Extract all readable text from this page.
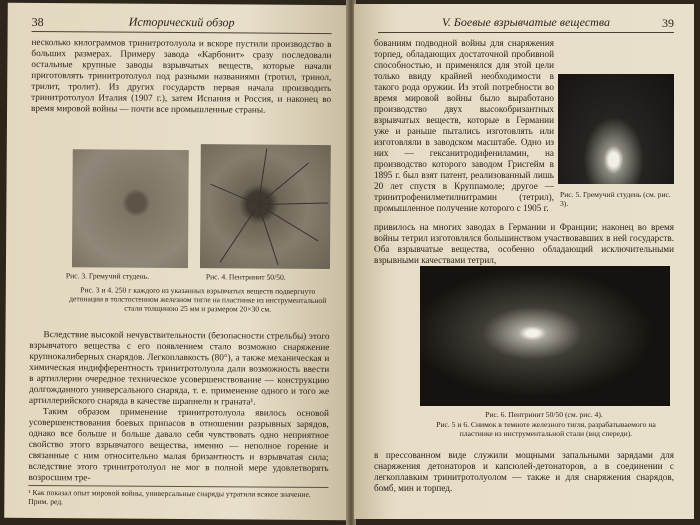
38	Исторический обзор

несколько килограммов тринитротолуола и вскоре пустили производство в больших размерах. Примеру завода «Карбонит» сразу последовали остальные крупные заводы взрывчатых веществ, которые начали приготовлять тринитротолуол под разными названиями (тротил, тринол, трилит, тролит). Из других государств первая начала производить тринитротолуол Италия (1907 г.), затем Испания и Россия, и наконец во время мировой войны — почти все промышленные страны.

Рис. 3. Гремучий студень.	Рис. 4. Пентринит 50/50.
Рис. 3 и 4. 250 г каждого из указанных взрывчатых веществ подвергнуто детонации в толстостенном железном тигле на пластинке из инструментальной стали толщиною 25 мм и размером 20×30 см.

Вследствие высокой нечувствительности (безопасности стрельбы) этого взрывчатого вещества с его появлением стало возможно снаряжение крупнокалиберных снарядов. Легкоплавкость (80°), а также механическая и химическая индифферентность тринитротолуола дали возможность ввести в артиллерии очередное техническое усовершенствование — конструкцию долгожданного универсального снаряда, т. е. применение одного и того же артиллерийского снаряда в качестве шрапнели и граната¹.

Таким образом применение тринитротолуола явилось основой усовершенствования боевых припасов в отношении разрывных зарядов, однако все больше и больше давало себя чувствовать одно неприятное свойство этого взрывчатого вещества, именно — неполное горение и связанные с ним относительно малая бризантность и взрывчатая сила; вследствие этого тринитротолуол не мог в полной мере удовлетворять возросшим тре-

¹ Как показал опыт мировой войны, универсальные снаряды утратили всякое значение. Прим. ред.
V. Боевые взрывчатые вещества	39

бованиям подводной войны для снаряжения торпед, обладающих достаточной пробивной способностью, и применялся для этой цели только ввиду крайней необходимости в такого рода оружии. Из этой потребности во время мировой войны было выработано производство двух высокобризантных взрывчатых веществ, которые в Германии уже и раньше пытались изготовлять или изготовляли в заводском масштабе. Одно из них — гексанитродифениламин, на производство которого заводом Грисгейм в 1895 г. был взят патент, реализованный лишь 20 лет спустя в Круппамоле; другое — тринитрофенилметилнитрамин (тетрил), промышленное получение которого с 1905 г.

Рис. 5. Гремучий студень (см. рис. 3).

привилось на многих заводах в Германии и Франции; наконец во время войны тетрил изготовлялся большинством участвовавших в ней государств. Оба взрывчатые вещества, особенно обладающий исключительными взрывными качествами тетрил,

Рис. 6. Пентринит 50/50 (см. рис. 4).
Рис. 5 и 6. Снимок в темноте железного тигля, разрабатываемого на пластинке из инструментальной стали (вид спереди).

в прессованном виде служили мощными запальными зарядами для снаряжения детонаторов и капсюлей-детонаторов, а в соединении с легкоплавким тринитротолуолом — также и для снаряжения снарядов, бомб, мин и торпед.
